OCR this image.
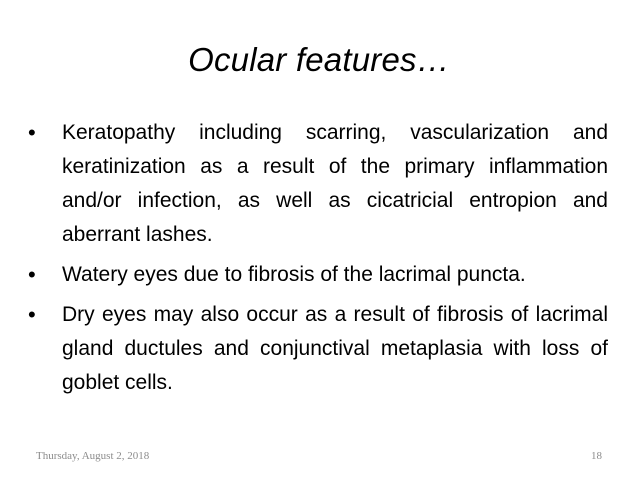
Ocular features…
• Keratopathy including scarring, vascularization and keratinization as a result of the primary inflammation and/or infection, as well as cicatricial entropion and aberrant lashes.
• Watery eyes due to fibrosis of the lacrimal puncta.
• Dry eyes may also occur as a result of fibrosis of lacrimal gland ductules and conjunctival metaplasia with loss of goblet cells.
Thursday, August 2, 2018	18
